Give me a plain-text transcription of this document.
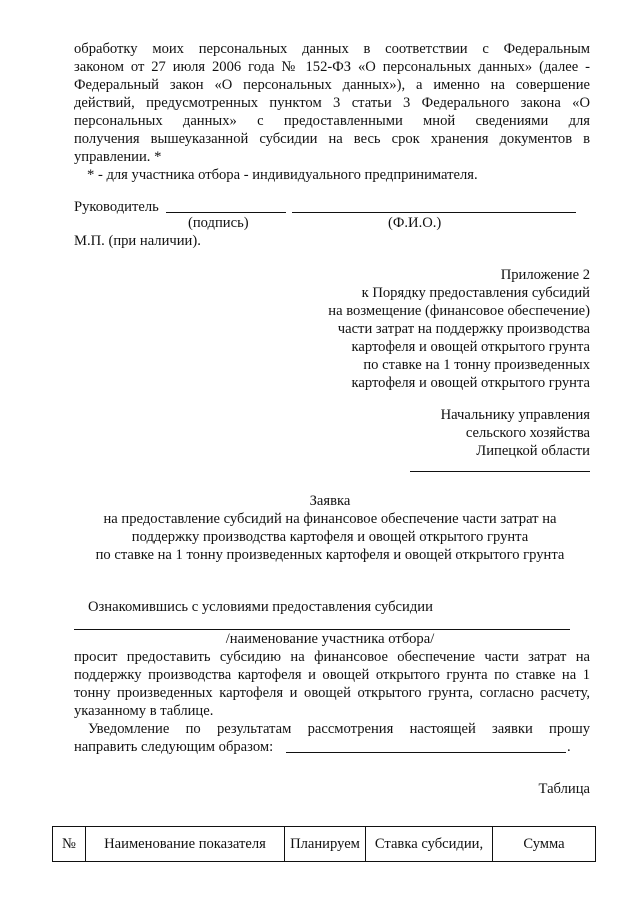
обработку моих персональных данных в соответствии с Федеральным
законом от 27 июля 2006 года № 152-ФЗ «О персональных данных» (далее -
Федеральный закон «О персональных данных»), а именно на совершение
действий, предусмотренных пунктом 3 статьи 3 Федерального закона «О
персональных данных» с предоставленными мной сведениями для
получения вышеуказанной субсидии на весь срок хранения документов в
управлении. *
* - для участника отбора - индивидуального предпринимателя.
Руководитель
(подпись)	(Ф.И.О.)
М.П. (при наличии).
Приложение 2
к Порядку предоставления субсидий
на возмещение (финансовое обеспечение)
части затрат на поддержку производства
картофеля и овощей открытого грунта
по ставке на 1 тонну произведенных
картофеля и овощей открытого грунта
Начальнику управления
сельского хозяйства
Липецкой области
Заявка
на предоставление субсидий на финансовое обеспечение части затрат на
поддержку производства картофеля и овощей открытого грунта
по ставке на 1 тонну произведенных картофеля и овощей открытого грунта
Ознакомившись с условиями предоставления субсидии
/наименование участника отбора/
просит предоставить субсидию на финансовое обеспечение части затрат на
поддержку производства картофеля и овощей открытого грунта по ставке на 1
тонну произведенных картофеля и овощей открытого грунта, согласно расчету,
указанному в таблице.
Уведомление по результатам рассмотрения настоящей заявки прошу
направить следующим образом:	.
Таблица
№	Наименование показателя	Планируем	Ставка субсидии,	Сумма
